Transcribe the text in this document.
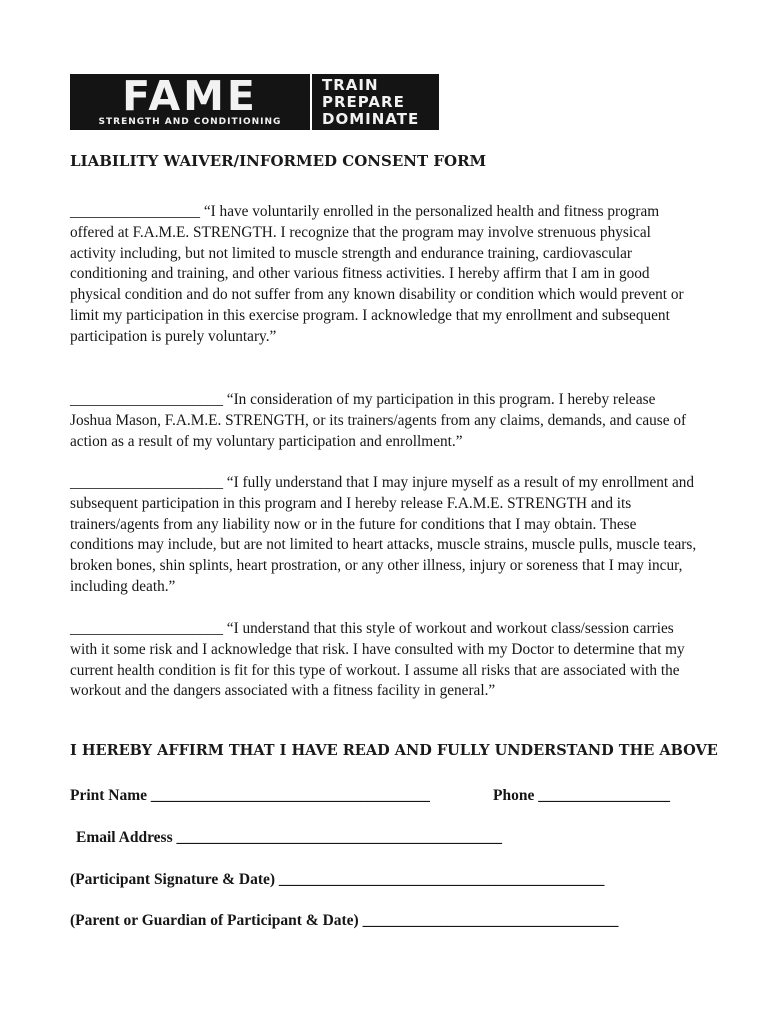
FAME
STRENGTH AND CONDITIONING
TRAIN
PREPARE
DOMINATE
LIABILITY WAIVER/INFORMED CONSENT FORM
_________________ “I have voluntarily enrolled in the personalized health and fitness program offered at F.A.M.E. STRENGTH. I recognize that the program may involve strenuous physical activity including, but not limited to muscle strength and endurance training, cardiovascular conditioning and training, and other various fitness activities. I hereby affirm that I am in good physical condition and do not suffer from any known disability or condition which would prevent or limit my participation in this exercise program. I acknowledge that my enrollment and subsequent participation is purely voluntary.”
____________________ “In consideration of my participation in this program. I hereby release Joshua Mason, F.A.M.E. STRENGTH, or its trainers/agents from any claims, demands, and cause of action as a result of my voluntary participation and enrollment.”
____________________ “I fully understand that I may injure myself as a result of my enrollment and subsequent participation in this program and I hereby release F.A.M.E. STRENGTH and its trainers/agents from any liability now or in the future for conditions that I may obtain. These conditions may include, but are not limited to heart attacks, muscle strains, muscle pulls, muscle tears, broken bones, shin splints, heart prostration, or any other illness, injury or soreness that I may incur, including death.”
____________________ “I understand that this style of workout and workout class/session carries with it some risk and I acknowledge that risk. I have consulted with my Doctor to determine that my current health condition is fit for this type of workout. I assume all risks that are associated with the workout and the dangers associated with a fitness facility in general.”
I HEREBY AFFIRM THAT I HAVE READ AND FULLY UNDERSTAND THE ABOVE
Print Name ____________________________________	Phone _________________
Email Address __________________________________________
(Participant Signature & Date) __________________________________________
(Parent or Guardian of Participant & Date) _________________________________
